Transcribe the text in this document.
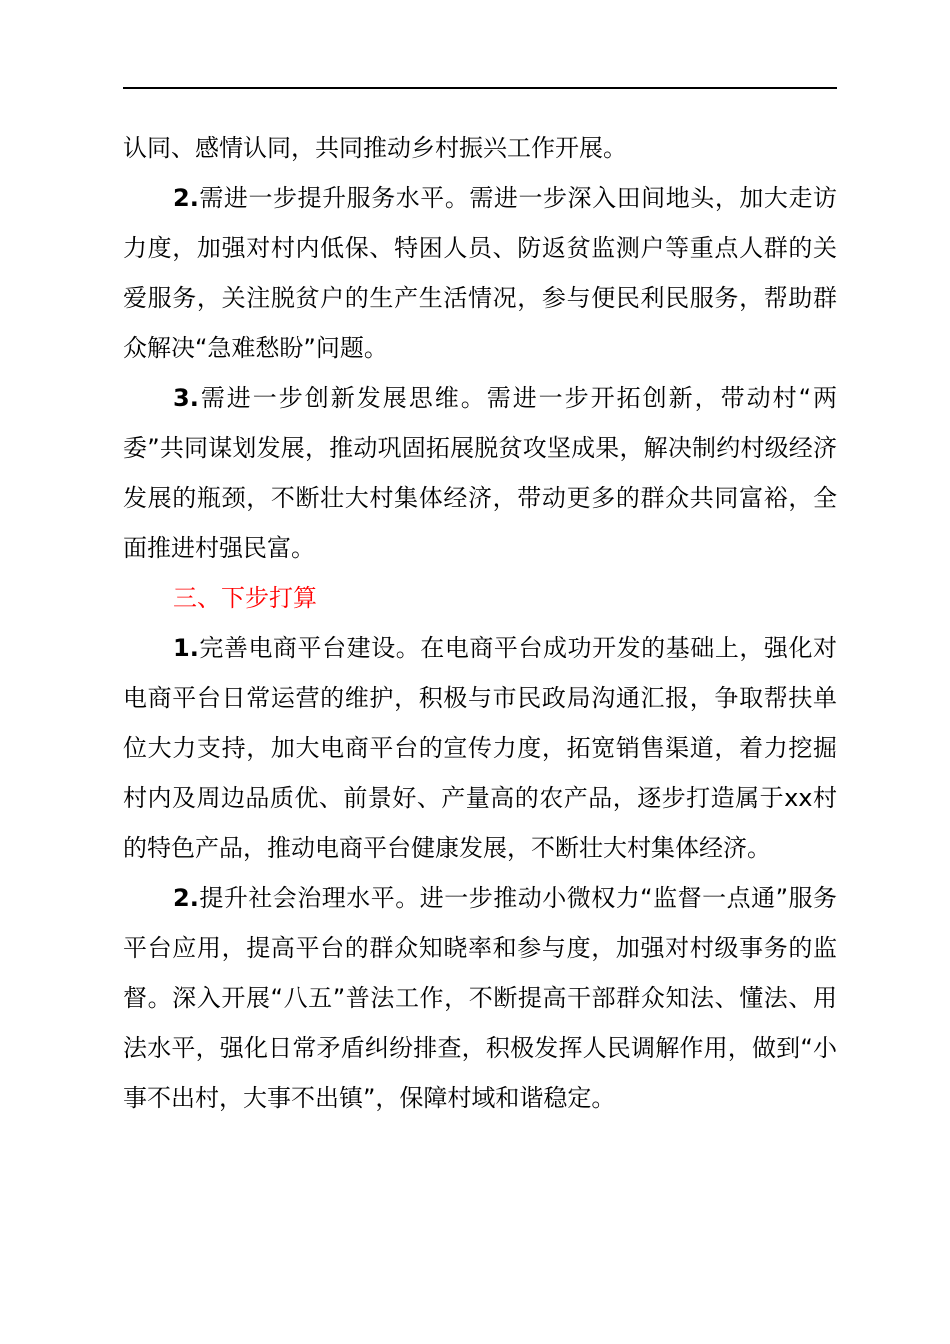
认同、感情认同，共同推动乡村振兴工作开展。

2.需进一步提升服务水平。需进一步深入田间地头，加大走访力度，加强对村内低保、特困人员、防返贫监测户等重点人群的关爱服务，关注脱贫户的生产生活情况，参与便民利民服务，帮助群众解决“急难愁盼”问题。

3.需进一步创新发展思维。需进一步开拓创新，带动村“两委”共同谋划发展，推动巩固拓展脱贫攻坚成果，解决制约村级经济发展的瓶颈，不断壮大村集体经济，带动更多的群众共同富裕，全面推进村强民富。

三、下步打算

1.完善电商平台建设。在电商平台成功开发的基础上，强化对电商平台日常运营的维护，积极与市民政局沟通汇报，争取帮扶单位大力支持，加大电商平台的宣传力度，拓宽销售渠道，着力挖掘村内及周边品质优、前景好、产量高的农产品，逐步打造属于xx村的特色产品，推动电商平台健康发展，不断壮大村集体经济。

2.提升社会治理水平。进一步推动小微权力“监督一点通”服务平台应用，提高平台的群众知晓率和参与度，加强对村级事务的监督。深入开展“八五”普法工作，不断提高干部群众知法、懂法、用法水平，强化日常矛盾纠纷排查，积极发挥人民调解作用，做到“小事不出村，大事不出镇”，保障村域和谐稳定。
